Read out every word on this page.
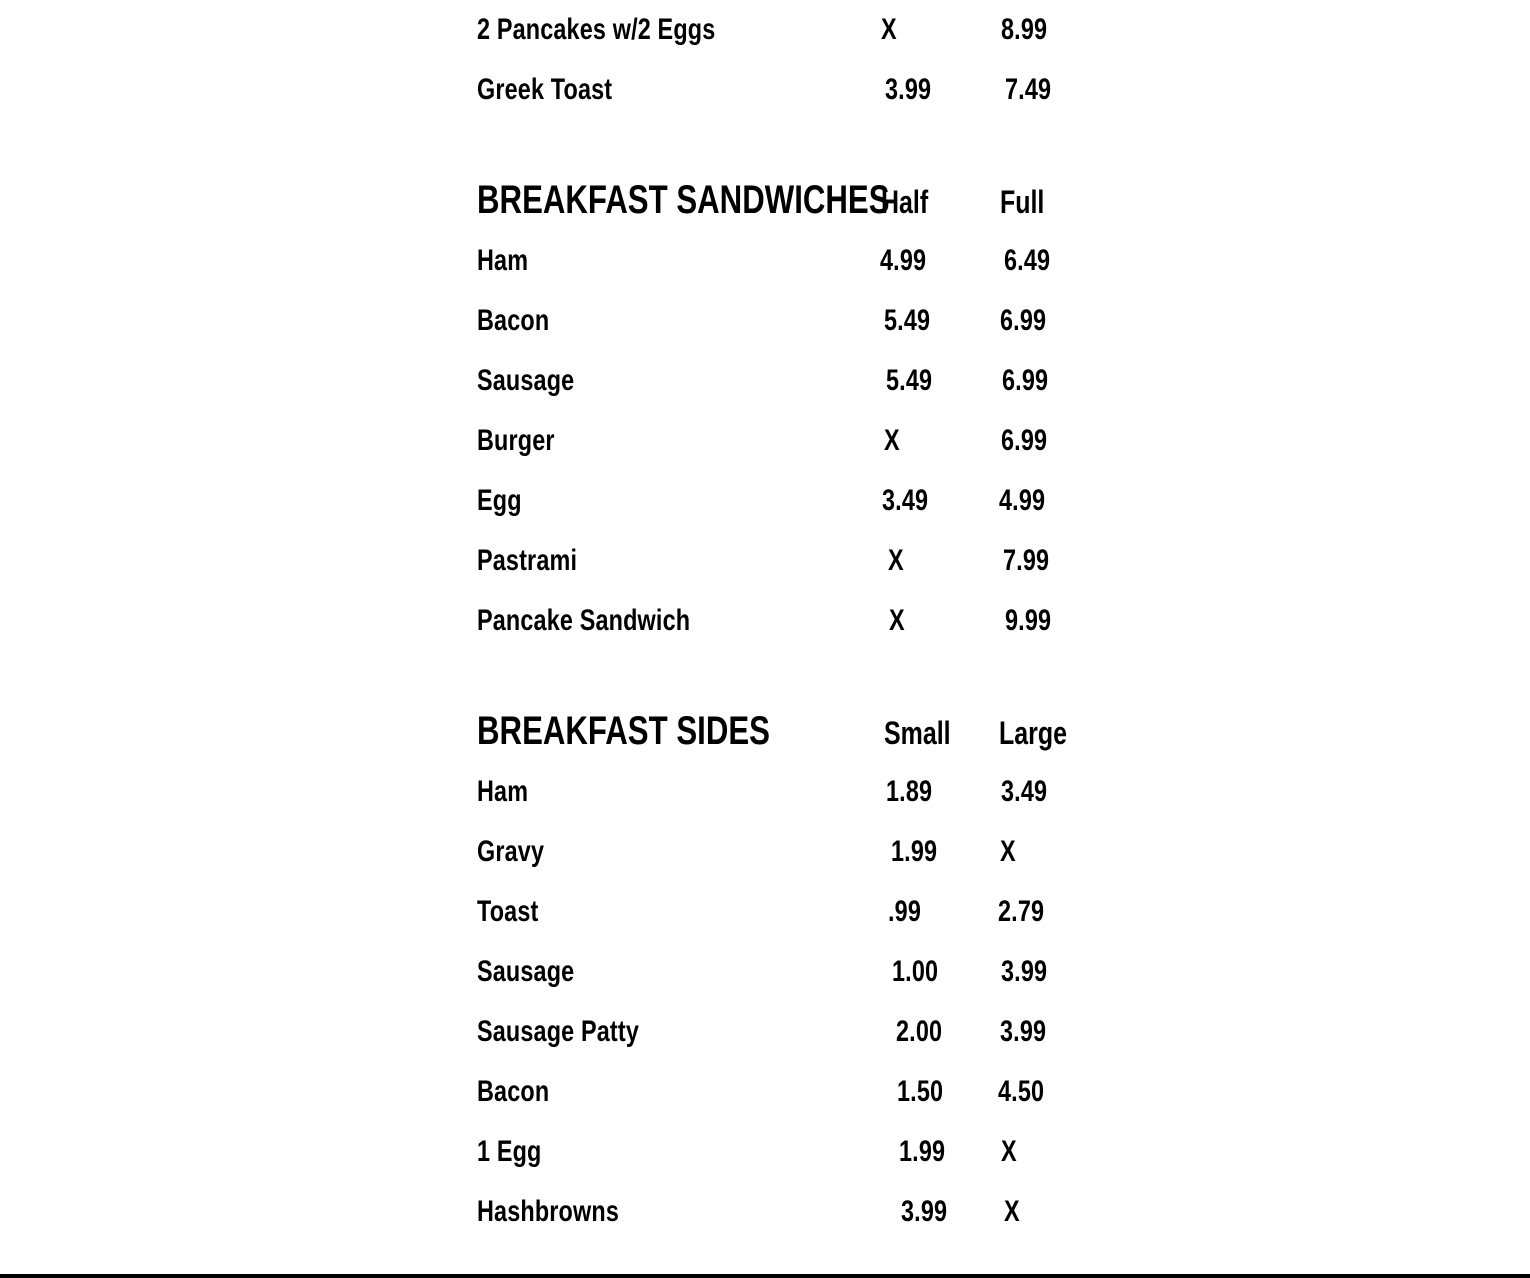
2 Pancakes w/2 Eggs	X	8.99
Greek Toast	3.99 7.49
BREAKFAST SANDWICHES
Half Full
Ham	4.99	6.49
Bacon	5.49 6.99
Sausage	5.49 6.99
Burger	X	6.99
Egg	3.49 4.99
Pastrami	X	7.99
Pancake Sandwich	X	9.99
BREAKFAST SIDES	Small Large
Ham	1.89 3.49
Gravy	1.99 X
Toast	.99	2.79
Sausage	1.00 3.99
Sausage Patty	2.00 3.99
Bacon	1.50 4.50
1 Egg	1.99 X
Hashbrowns	3.99 X
